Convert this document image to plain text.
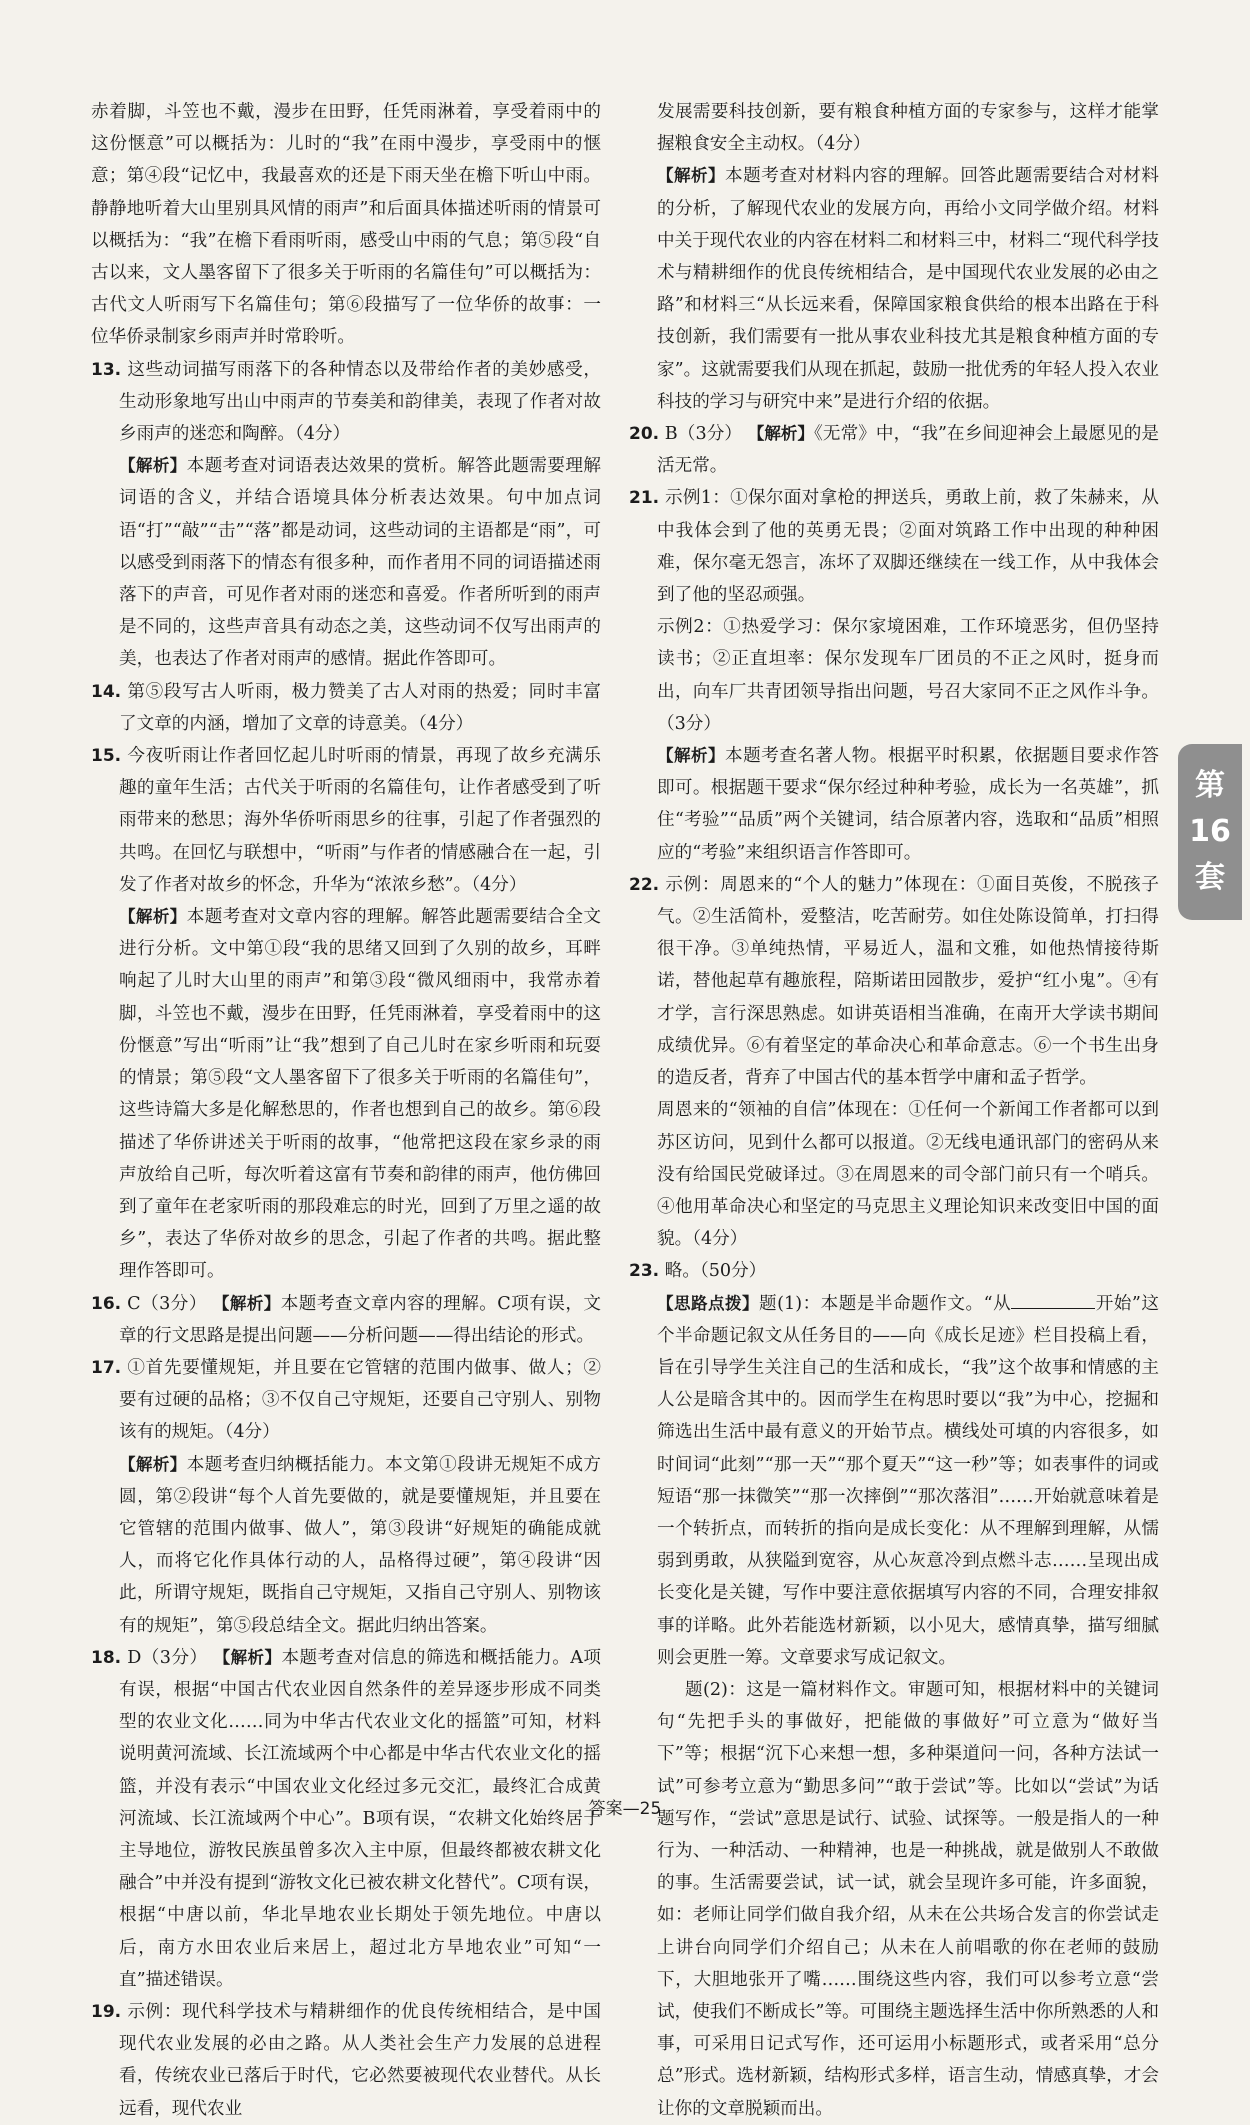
赤着脚，斗笠也不戴，漫步在田野，任凭雨淋着，享受着雨中的这份惬意”可以概括为：儿时的“我”在雨中漫步，享受雨中的惬意；第④段“记忆中，我最喜欢的还是下雨天坐在檐下听山中雨。静静地听着大山里别具风情的雨声”和后面具体描述听雨的情景可以概括为：“我”在檐下看雨听雨，感受山中雨的气息；第⑤段“自古以来，文人墨客留下了很多关于听雨的名篇佳句”可以概括为：古代文人听雨写下名篇佳句；第⑥段描写了一位华侨的故事：一位华侨录制家乡雨声并时常聆听。

13. 这些动词描写雨落下的各种情态以及带给作者的美妙感受，生动形象地写出山中雨声的节奏美和韵律美，表现了作者对故乡雨声的迷恋和陶醉。（4分）

【解析】本题考查对词语表达效果的赏析。解答此题需要理解词语的含义，并结合语境具体分析表达效果。句中加点词语“打”“敲”“击”“落”都是动词，这些动词的主语都是“雨”，可以感受到雨落下的情态有很多种，而作者用不同的词语描述雨落下的声音，可见作者对雨的迷恋和喜爱。作者所听到的雨声是不同的，这些声音具有动态之美，这些动词不仅写出雨声的美，也表达了作者对雨声的感情。据此作答即可。

14. 第⑤段写古人听雨，极力赞美了古人对雨的热爱；同时丰富了文章的内涵，增加了文章的诗意美。（4分）

15. 今夜听雨让作者回忆起儿时听雨的情景，再现了故乡充满乐趣的童年生活；古代关于听雨的名篇佳句，让作者感受到了听雨带来的愁思；海外华侨听雨思乡的往事，引起了作者强烈的共鸣。在回忆与联想中，“听雨”与作者的情感融合在一起，引发了作者对故乡的怀念，升华为“浓浓乡愁”。（4分）

【解析】本题考查对文章内容的理解。解答此题需要结合全文进行分析。文中第①段“我的思绪又回到了久别的故乡，耳畔响起了儿时大山里的雨声”和第③段“微风细雨中，我常赤着脚，斗笠也不戴，漫步在田野，任凭雨淋着，享受着雨中的这份惬意”写出“听雨”让“我”想到了自己儿时在家乡听雨和玩耍的情景；第⑤段“文人墨客留下了很多关于听雨的名篇佳句”，这些诗篇大多是化解愁思的，作者也想到自己的故乡。第⑥段描述了华侨讲述关于听雨的故事，“他常把这段在家乡录的雨声放给自己听，每次听着这富有节奏和韵律的雨声，他仿佛回到了童年在老家听雨的那段难忘的时光，回到了万里之遥的故乡”，表达了华侨对故乡的思念，引起了作者的共鸣。据此整理作答即可。

16. C（3分） 【解析】本题考查文章内容的理解。C项有误，文章的行文思路是提出问题——分析问题——得出结论的形式。

17. ①首先要懂规矩，并且要在它管辖的范围内做事、做人；②要有过硬的品格；③不仅自己守规矩，还要自己守别人、别物该有的规矩。（4分）

【解析】本题考查归纳概括能力。本文第①段讲无规矩不成方圆，第②段讲“每个人首先要做的，就是要懂规矩，并且要在它管辖的范围内做事、做人”，第③段讲“好规矩的确能成就人，而将它化作具体行动的人，品格得过硬”，第④段讲“因此，所谓守规矩，既指自己守规矩，又指自己守别人、别物该有的规矩”，第⑤段总结全文。据此归纳出答案。

18. D（3分） 【解析】本题考查对信息的筛选和概括能力。A项有误，根据“中国古代农业因自然条件的差异逐步形成不同类型的农业文化……同为中华古代农业文化的摇篮”可知，材料说明黄河流域、长江流域两个中心都是中华古代农业文化的摇篮，并没有表示“中国农业文化经过多元交汇，最终汇合成黄河流域、长江流域两个中心”。B项有误，“农耕文化始终居于主导地位，游牧民族虽曾多次入主中原，但最终都被农耕文化融合”中并没有提到“游牧文化已被农耕文化替代”。C项有误，根据“中唐以前，华北旱地农业长期处于领先地位。中唐以后，南方水田农业后来居上，超过北方旱地农业”可知“一直”描述错误。

19. 示例：现代科学技术与精耕细作的优良传统相结合，是中国现代农业发展的必由之路。从人类社会生产力发展的总进程看，传统农业已落后于时代，它必然要被现代农业替代。从长远看，现代农业

发展需要科技创新，要有粮食种植方面的专家参与，这样才能掌握粮食安全主动权。（4分）

【解析】本题考查对材料内容的理解。回答此题需要结合对材料的分析，了解现代农业的发展方向，再给小文同学做介绍。材料中关于现代农业的内容在材料二和材料三中，材料二“现代科学技术与精耕细作的优良传统相结合，是中国现代农业发展的必由之路”和材料三“从长远来看，保障国家粮食供给的根本出路在于科技创新，我们需要有一批从事农业科技尤其是粮食种植方面的专家”。这就需要我们从现在抓起，鼓励一批优秀的年轻人投入农业科技的学习与研究中来”是进行介绍的依据。

20. B（3分） 【解析】《无常》中，“我”在乡间迎神会上最愿见的是活无常。

21. 示例1：①保尔面对拿枪的押送兵，勇敢上前，救了朱赫来，从中我体会到了他的英勇无畏；②面对筑路工作中出现的种种困难，保尔毫无怨言，冻坏了双脚还继续在一线工作，从中我体会到了他的坚忍顽强。

示例2：①热爱学习：保尔家境困难，工作环境恶劣，但仍坚持读书；②正直坦率：保尔发现车厂团员的不正之风时，挺身而出，向车厂共青团领导指出问题，号召大家同不正之风作斗争。（3分）

【解析】本题考查名著人物。根据平时积累，依据题目要求作答即可。根据题干要求“保尔经过种种考验，成长为一名英雄”，抓住“考验”“品质”两个关键词，结合原著内容，选取和“品质”相照应的“考验”来组织语言作答即可。

22. 示例：周恩来的“个人的魅力”体现在：①面目英俊，不脱孩子气。②生活简朴，爱整洁，吃苦耐劳。如住处陈设简单，打扫得很干净。③单纯热情，平易近人，温和文雅，如他热情接待斯诺，替他起草有趣旅程，陪斯诺田园散步，爱护“红小鬼”。④有才学，言行深思熟虑。如讲英语相当准确，在南开大学读书期间成绩优异。⑥有着坚定的革命决心和革命意志。⑥一个书生出身的造反者，背弃了中国古代的基本哲学中庸和孟子哲学。

周恩来的“领袖的自信”体现在：①任何一个新闻工作者都可以到苏区访问，见到什么都可以报道。②无线电通讯部门的密码从来没有给国民党破译过。③在周恩来的司令部门前只有一个哨兵。④他用革命决心和坚定的马克思主义理论知识来改变旧中国的面貌。（4分）

23. 略。（50分）

【思路点拨】题(1)：本题是半命题作文。“从	开始”这个半命题记叙文从任务目的——向《成长足迹》栏目投稿上看，旨在引导学生关注自己的生活和成长，“我”这个故事和情感的主人公是暗含其中的。因而学生在构思时要以“我”为中心，挖掘和筛选出生活中最有意义的开始节点。横线处可填的内容很多，如时间词“此刻”“那一天”“那个夏天”“这一秒”等；如表事件的词或短语“那一抹微笑”“那一次摔倒”“那次落泪”……开始就意味着是一个转折点，而转折的指向是成长变化：从不理解到理解，从懦弱到勇敢，从狭隘到宽容，从心灰意冷到点燃斗志……呈现出成长变化是关键，写作中要注意依据填写内容的不同，合理安排叙事的详略。此外若能选材新颖，以小见大，感情真挚，描写细腻则会更胜一筹。文章要求写成记叙文。

题(2)：这是一篇材料作文。审题可知，根据材料中的关键词句“先把手头的事做好，把能做的事做好”可立意为“做好当下”等；根据“沉下心来想一想，多种渠道问一问，各种方法试一试”可参考立意为“勤思多问”“敢于尝试”等。比如以“尝试”为话题写作，“尝试”意思是试行、试验、试探等。一般是指人的一种行为、一种活动、一种精神，也是一种挑战，就是做别人不敢做的事。生活需要尝试，试一试，就会呈现许多可能，许多面貌，如：老师让同学们做自我介绍，从未在公共场合发言的你尝试走上讲台向同学们介绍自己；从未在人前唱歌的你在老师的鼓励下，大胆地张开了嘴……围绕这些内容，我们可以参考立意“尝试，使我们不断成长”等。可围绕主题选择生活中你所熟悉的人和事，可采用日记式写作，还可运用小标题形式，或者采用“总分总”形式。选材新颖，结构形式多样，语言生动，情感真挚，才会让你的文章脱颖而出。

第
16
套
答案—25
